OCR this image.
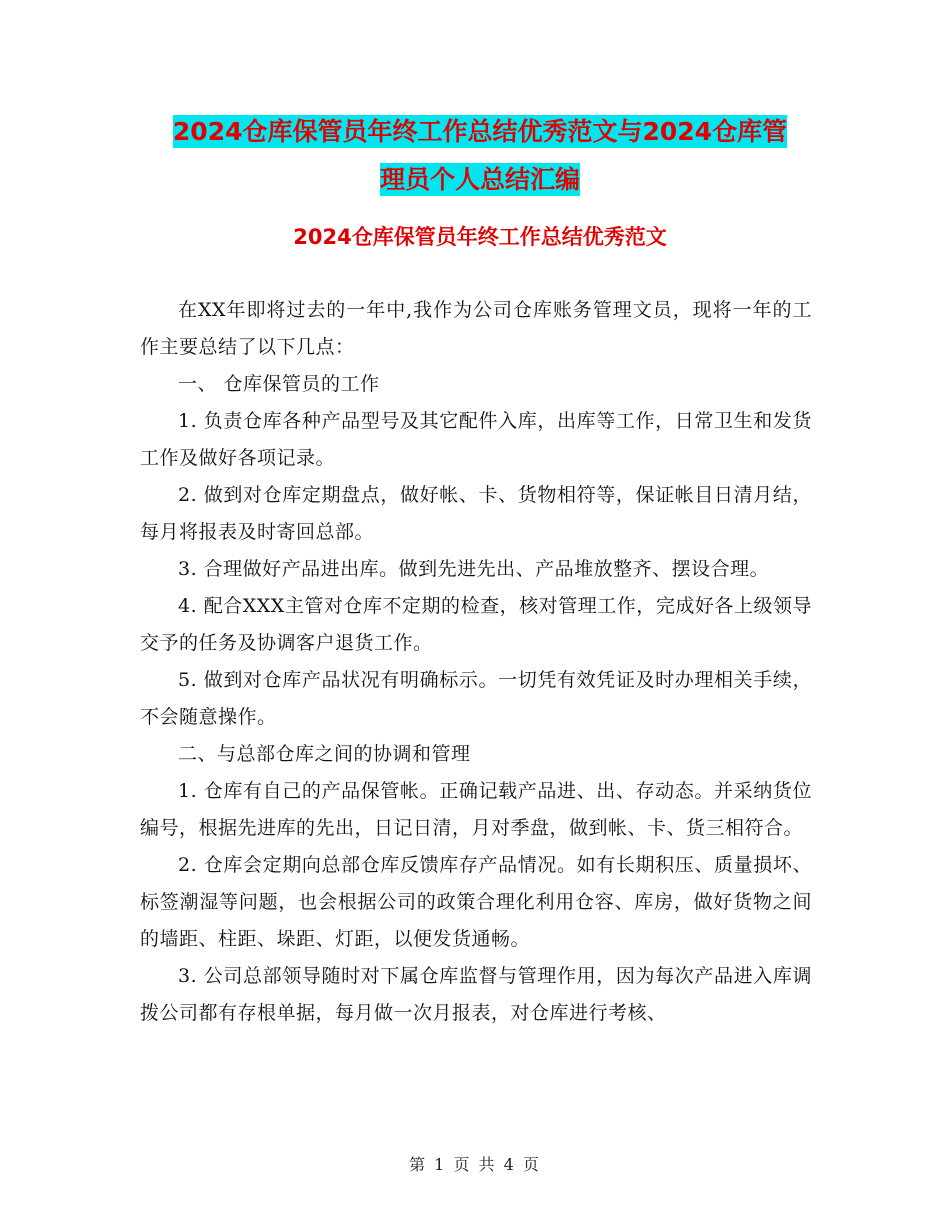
2024仓库保管员年终工作总结优秀范文与2024仓库管
理员个人总结汇编
2024仓库保管员年终工作总结优秀范文

在XX年即将过去的一年中,我作为公司仓库账务管理文员，现将一年的工作主要总结了以下几点：

一、 仓库保管员的工作

1. 负责仓库各种产品型号及其它配件入库，出库等工作，日常卫生和发货工作及做好各项记录。

2. 做到对仓库定期盘点，做好帐、卡、货物相符等，保证帐目日清月结，每月将报表及时寄回总部。

3. 合理做好产品进出库。做到先进先出、产品堆放整齐、摆设合理。

4. 配合XXX主管对仓库不定期的检查，核对管理工作，完成好各上级领导交予的任务及协调客户退货工作。

5. 做到对仓库产品状况有明确标示。一切凭有效凭证及时办理相关手续，不会随意操作。

二、与总部仓库之间的协调和管理

1. 仓库有自己的产品保管帐。正确记载产品进、出、存动态。并采纳货位编号，根据先进库的先出，日记日清，月对季盘，做到帐、卡、货三相符合。

2. 仓库会定期向总部仓库反馈库存产品情况。如有长期积压、质量损坏、标签潮湿等问题，也会根据公司的政策合理化利用仓容、库房，做好货物之间的墙距、柱距、垛距、灯距，以便发货通畅。

3. 公司总部领导随时对下属仓库监督与管理作用，因为每次产品进入库调拨公司都有存根单据，每月做一次月报表，对仓库进行考核、

第 1 页 共 4 页
